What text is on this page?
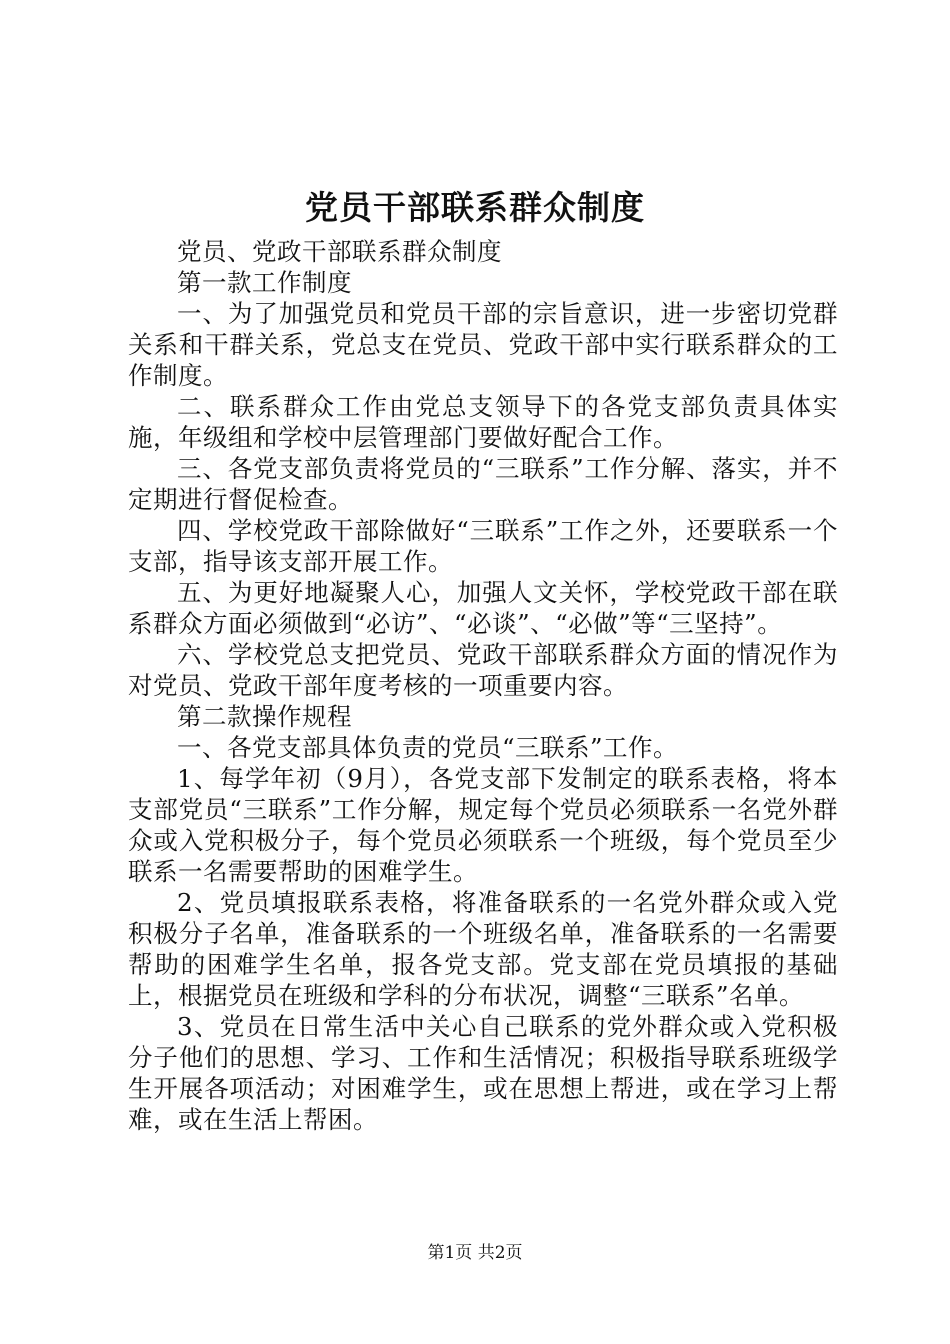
党员干部联系群众制度

党员、党政干部联系群众制度

第一款工作制度

一、为了加强党员和党员干部的宗旨意识，进一步密切党群关系和干群关系，党总支在党员、党政干部中实行联系群众的工作制度。

二、联系群众工作由党总支领导下的各党支部负责具体实施，年级组和学校中层管理部门要做好配合工作。

三、各党支部负责将党员的“三联系”工作分解、落实，并不定期进行督促检查。

四、学校党政干部除做好“三联系”工作之外，还要联系一个支部，指导该支部开展工作。

五、为更好地凝聚人心，加强人文关怀，学校党政干部在联系群众方面必须做到“必访”、“必谈”、“必做”等“三坚持”。

六、学校党总支把党员、党政干部联系群众方面的情况作为对党员、党政干部年度考核的一项重要内容。

第二款操作规程

一、各党支部具体负责的党员“三联系”工作。

1、每学年初（9月），各党支部下发制定的联系表格，将本支部党员“三联系”工作分解，规定每个党员必须联系一名党外群众或入党积极分子，每个党员必须联系一个班级，每个党员至少联系一名需要帮助的困难学生。

2、党员填报联系表格，将准备联系的一名党外群众或入党积极分子名单，准备联系的一个班级名单，准备联系的一名需要帮助的困难学生名单，报各党支部。党支部在党员填报的基础上，根据党员在班级和学科的分布状况，调整“三联系”名单。

3、党员在日常生活中关心自己联系的党外群众或入党积极分子他们的思想、学习、工作和生活情况；积极指导联系班级学生开展各项活动；对困难学生，或在思想上帮进，或在学习上帮难，或在生活上帮困。

第1页 共2页
